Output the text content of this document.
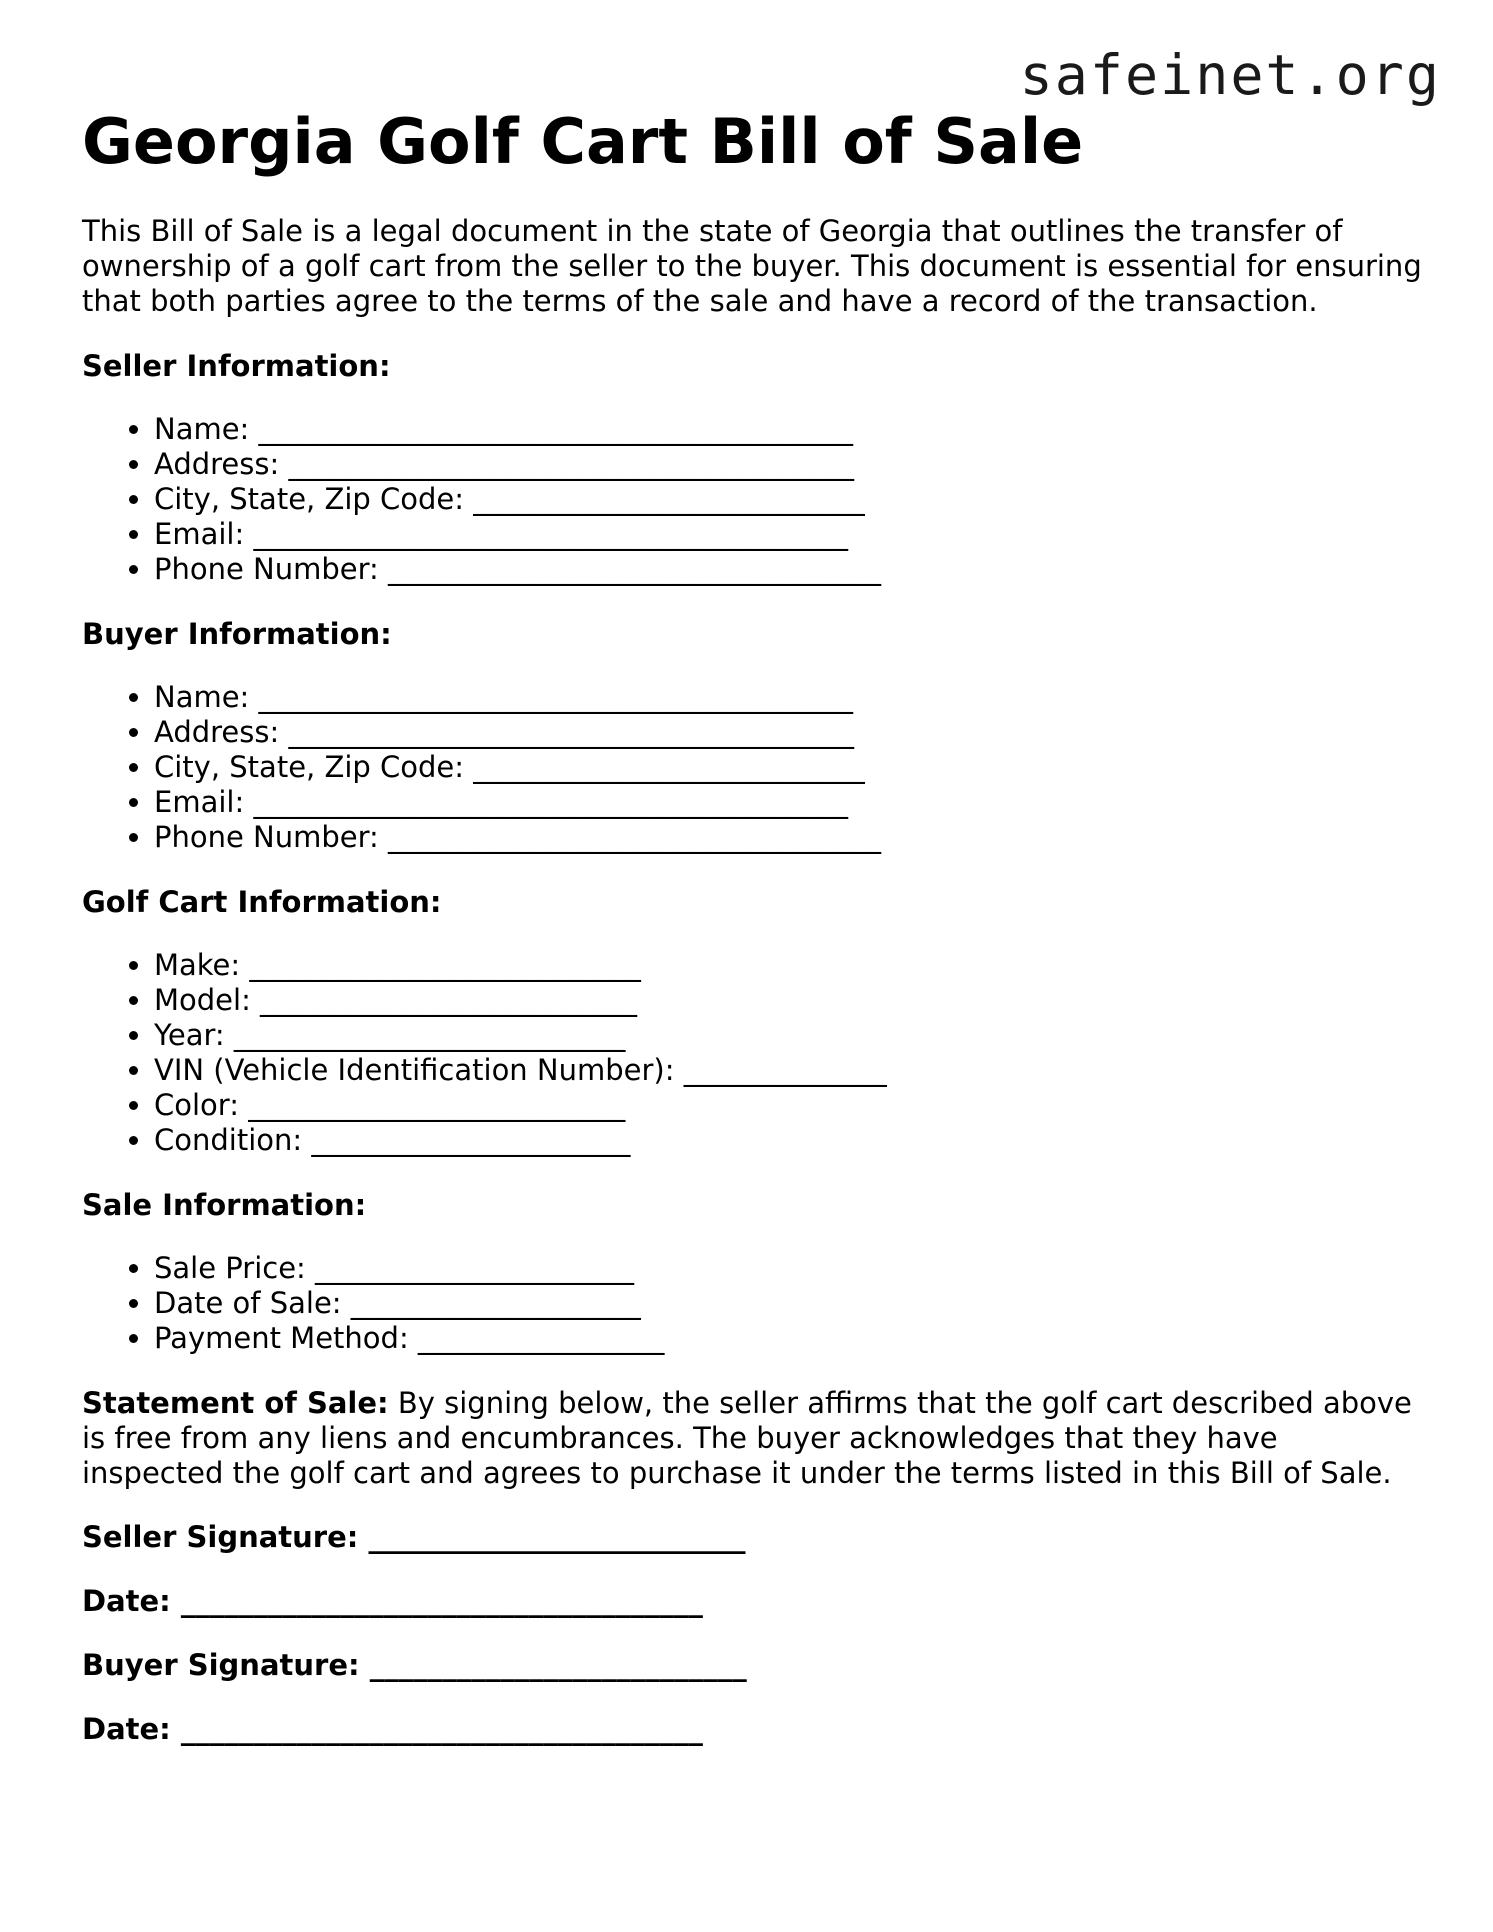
safeinet.org
Georgia Golf Cart Bill of Sale

This Bill of Sale is a legal document in the state of Georgia that outlines the transfer of ownership of a golf cart from the seller to the buyer. This document is essential for ensuring that both parties agree to the terms of the sale and have a record of the transaction.

Seller Information:
• Name: _________________________________________
• Address: _______________________________________
• City, State, Zip Code: ___________________________
• Email: _________________________________________
• Phone Number: __________________________________
Buyer Information:
• Name: _________________________________________
• Address: _______________________________________
• City, State, Zip Code: ___________________________
• Email: _________________________________________
• Phone Number: __________________________________
Golf Cart Information:
• Make: ___________________________
• Model: __________________________
• Year: ___________________________
• VIN (Vehicle Identification Number): ______________
• Color: __________________________
• Condition: ______________________
Sale Information:
• Sale Price: ______________________
• Date of Sale: ____________________
• Payment Method: _________________

Statement of Sale: By signing below, the seller affirms that the golf cart described above is free from any liens and encumbrances. The buyer acknowledges that they have inspected the golf cart and agrees to purchase it under the terms listed in this Bill of Sale.

Seller Signature: __________________________
Date: ____________________________________
Buyer Signature: __________________________
Date: ____________________________________
